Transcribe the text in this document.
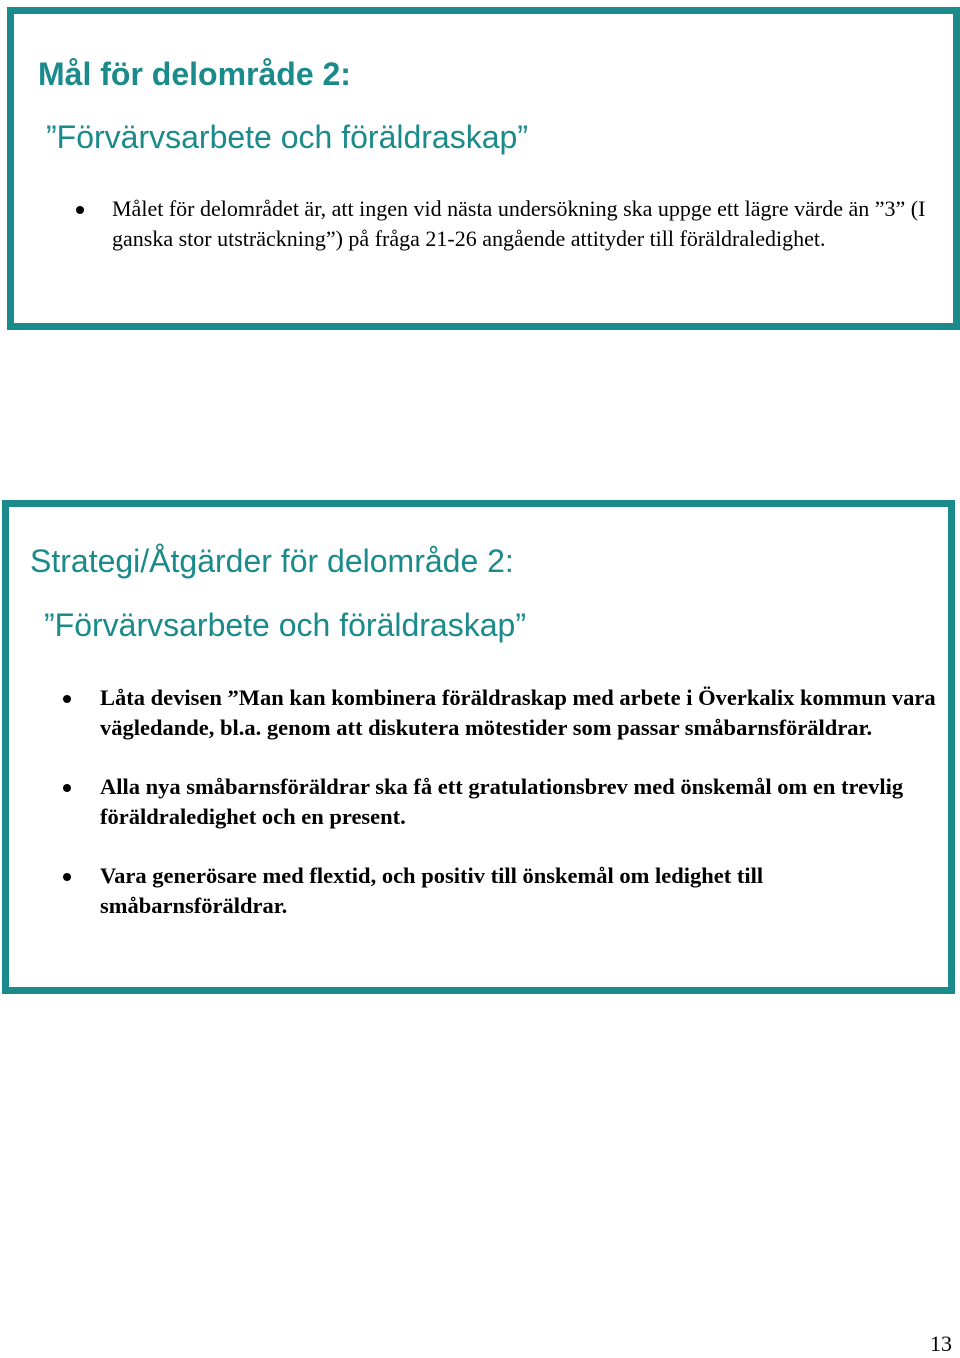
Mål för delområde 2:
”Förvärvsarbete och föräldraskap”
Målet för delområdet är, att ingen vid nästa undersökning ska uppge ett lägre värde än ”3” (I ganska stor utsträckning”) på fråga 21-26 angående attityder till föräldraledighet.
Strategi/Åtgärder för delområde 2:
”Förvärvsarbete och föräldraskap”
Låta devisen ”Man kan kombinera föräldraskap med arbete i Överkalix kommun vara vägledande, bl.a. genom att diskutera mötestider som passar småbarnsföräldrar.
Alla nya småbarnsföräldrar ska få ett gratulationsbrev med önskemål om en trevlig föräldraledighet och en present.
Vara generösare med flextid, och positiv till önskemål om ledighet till småbarnsföräldrar.

13
